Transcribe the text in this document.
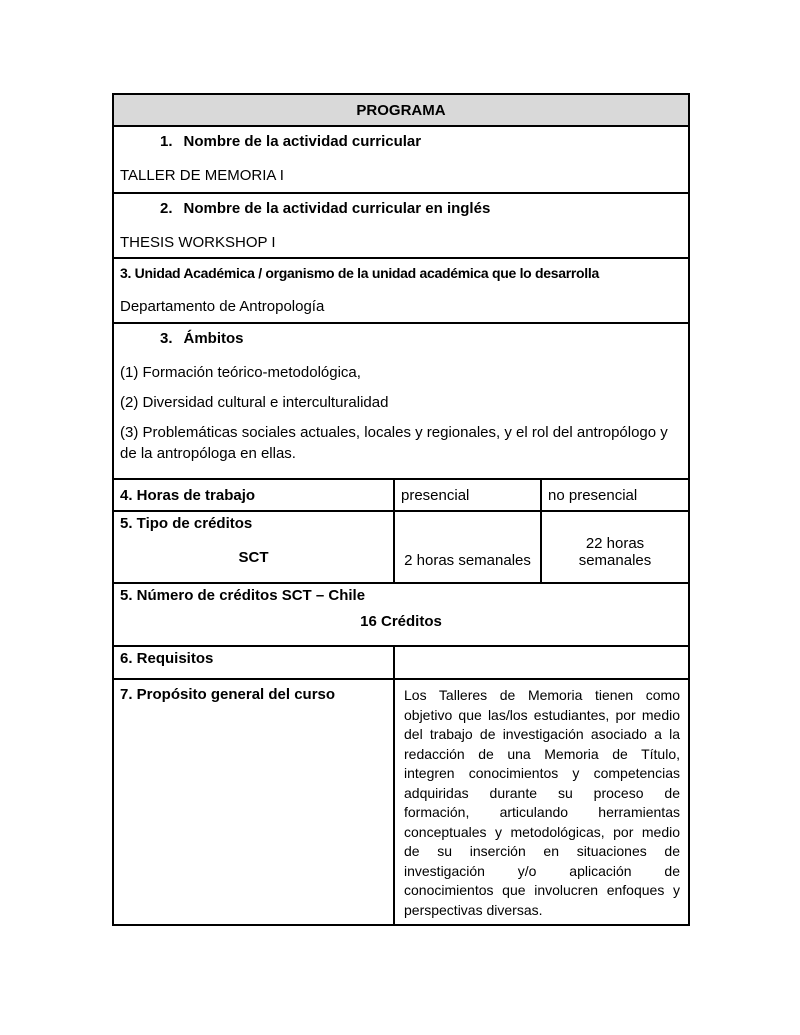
PROGRAMA		

1. Nombre de la actividad curricular
TALLER DE MEMORIA I		

2. Nombre de la actividad curricular en inglés
THESIS WORKSHOP I		

3. Unidad Académica / organismo de la unidad académica que lo desarrolla
Departamento de Antropología		

3. Ámbitos
(1) Formación teórico-metodológica,
(2) Diversidad cultural e interculturalidad
(3) Problemáticas sociales actuales, locales y regionales, y el rol del antropólogo y de la antropóloga en ellas.		

4. Horas de trabajo	presencial	no presencial

5. Tipo de créditos
SCT	2 horas semanales	22 horas semanales

5. Número de créditos SCT – Chile
16 Créditos		

6. Requisitos		

7. Propósito general del curso	Los Talleres de Memoria tienen como objetivo que las/los estudiantes, por medio del trabajo de investigación asociado a la redacción de una Memoria de Título, integren conocimientos y competencias adquiridas durante su proceso de formación, articulando herramientas conceptuales y metodológicas, por medio de su inserción en situaciones de investigación y/o aplicación de conocimientos que involucren enfoques y perspectivas diversas.	
